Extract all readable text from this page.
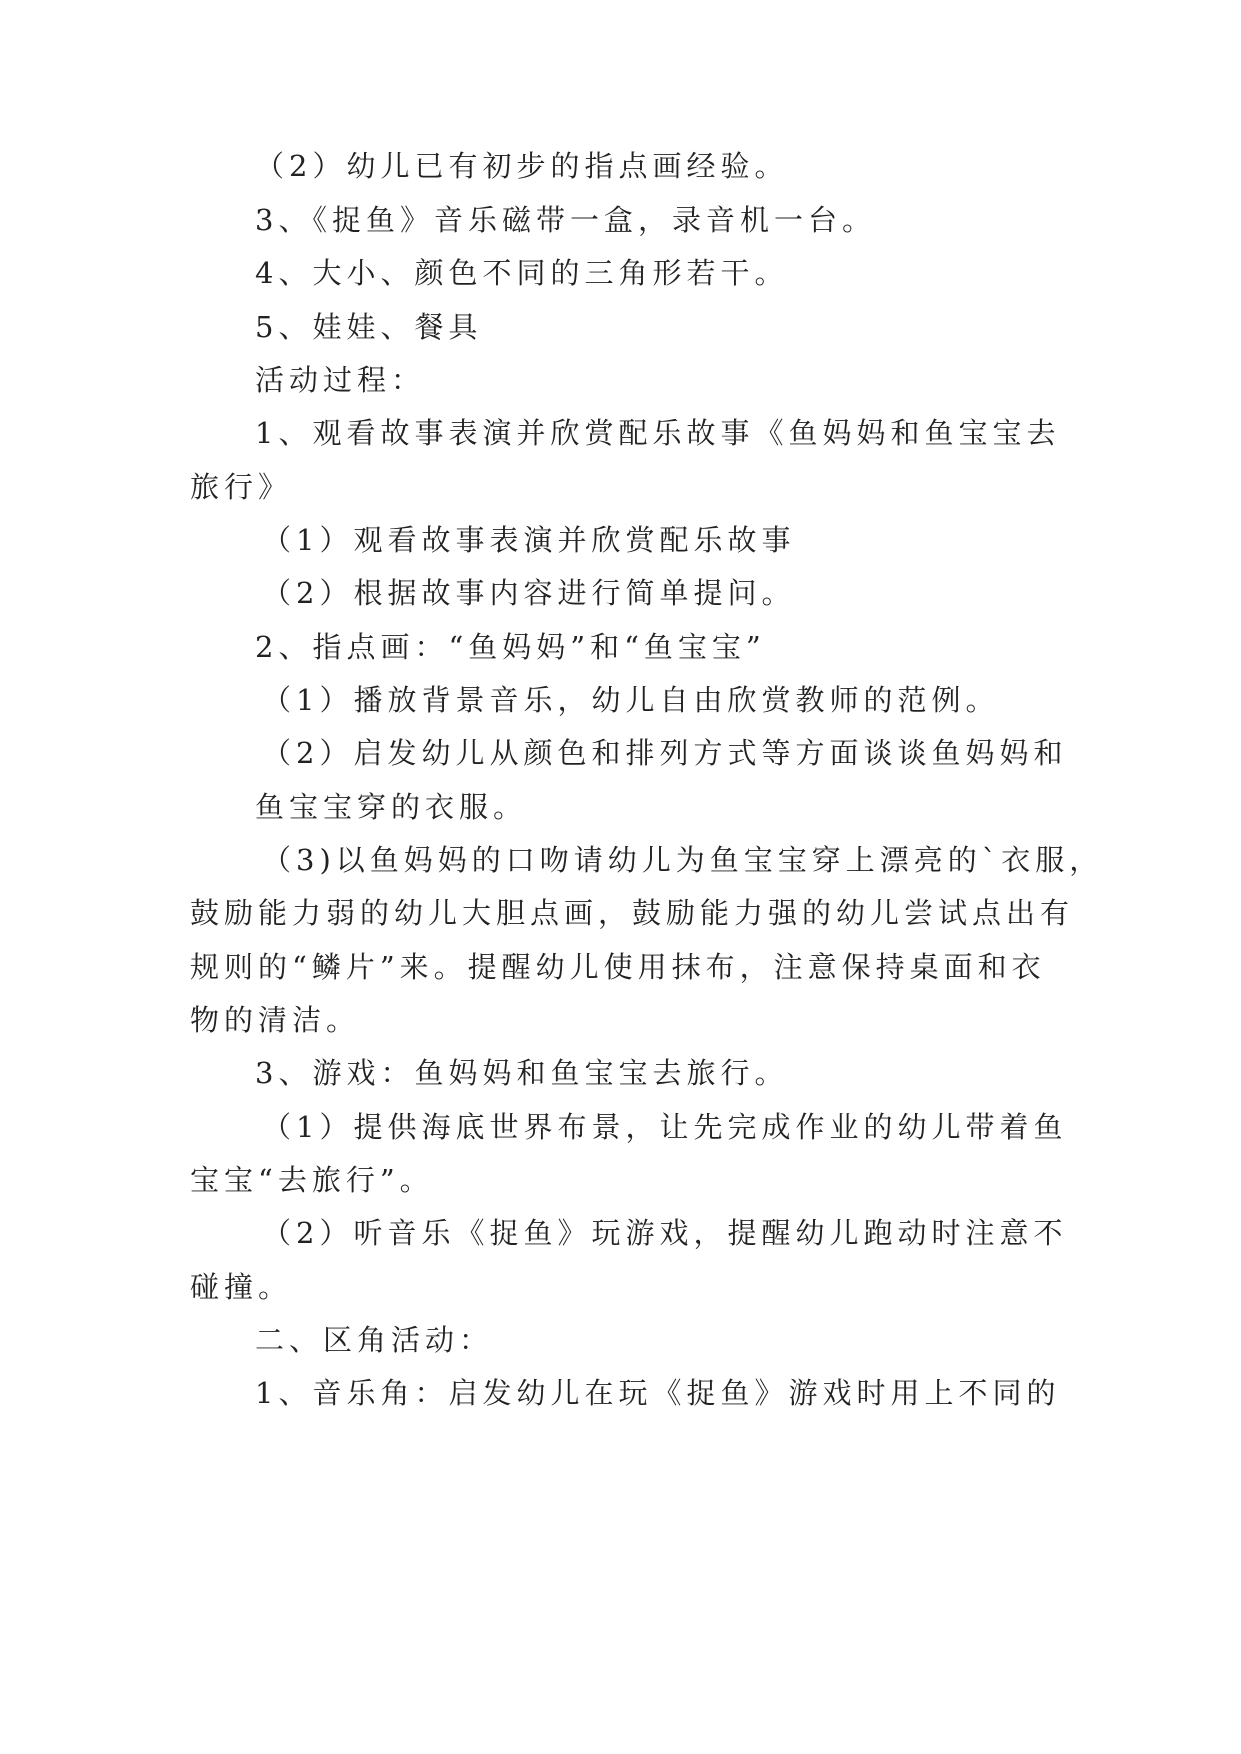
（2）幼儿已有初步的指点画经验。
3、《捉鱼》音乐磁带一盒，录音机一台。
4、大小、颜色不同的三角形若干。
5、娃娃、餐具
活动过程：
1、观看故事表演并欣赏配乐故事《鱼妈妈和鱼宝宝去
旅行》
（1）观看故事表演并欣赏配乐故事
（2）根据故事内容进行简单提问。
2、指点画：“鱼妈妈”和“鱼宝宝”
（1）播放背景音乐，幼儿自由欣赏教师的范例。
（2）启发幼儿从颜色和排列方式等方面谈谈鱼妈妈和
鱼宝宝穿的衣服。
（3)以鱼妈妈的口吻请幼儿为鱼宝宝穿上漂亮的`衣服，
鼓励能力弱的幼儿大胆点画，鼓励能力强的幼儿尝试点出有
规则的“鳞片”来。提醒幼儿使用抹布，注意保持桌面和衣
物的清洁。
3、游戏：鱼妈妈和鱼宝宝去旅行。
（1）提供海底世界布景，让先完成作业的幼儿带着鱼
宝宝“去旅行”。
（2）听音乐《捉鱼》玩游戏，提醒幼儿跑动时注意不
碰撞。
二、区角活动：
1、音乐角：启发幼儿在玩《捉鱼》游戏时用上不同的
